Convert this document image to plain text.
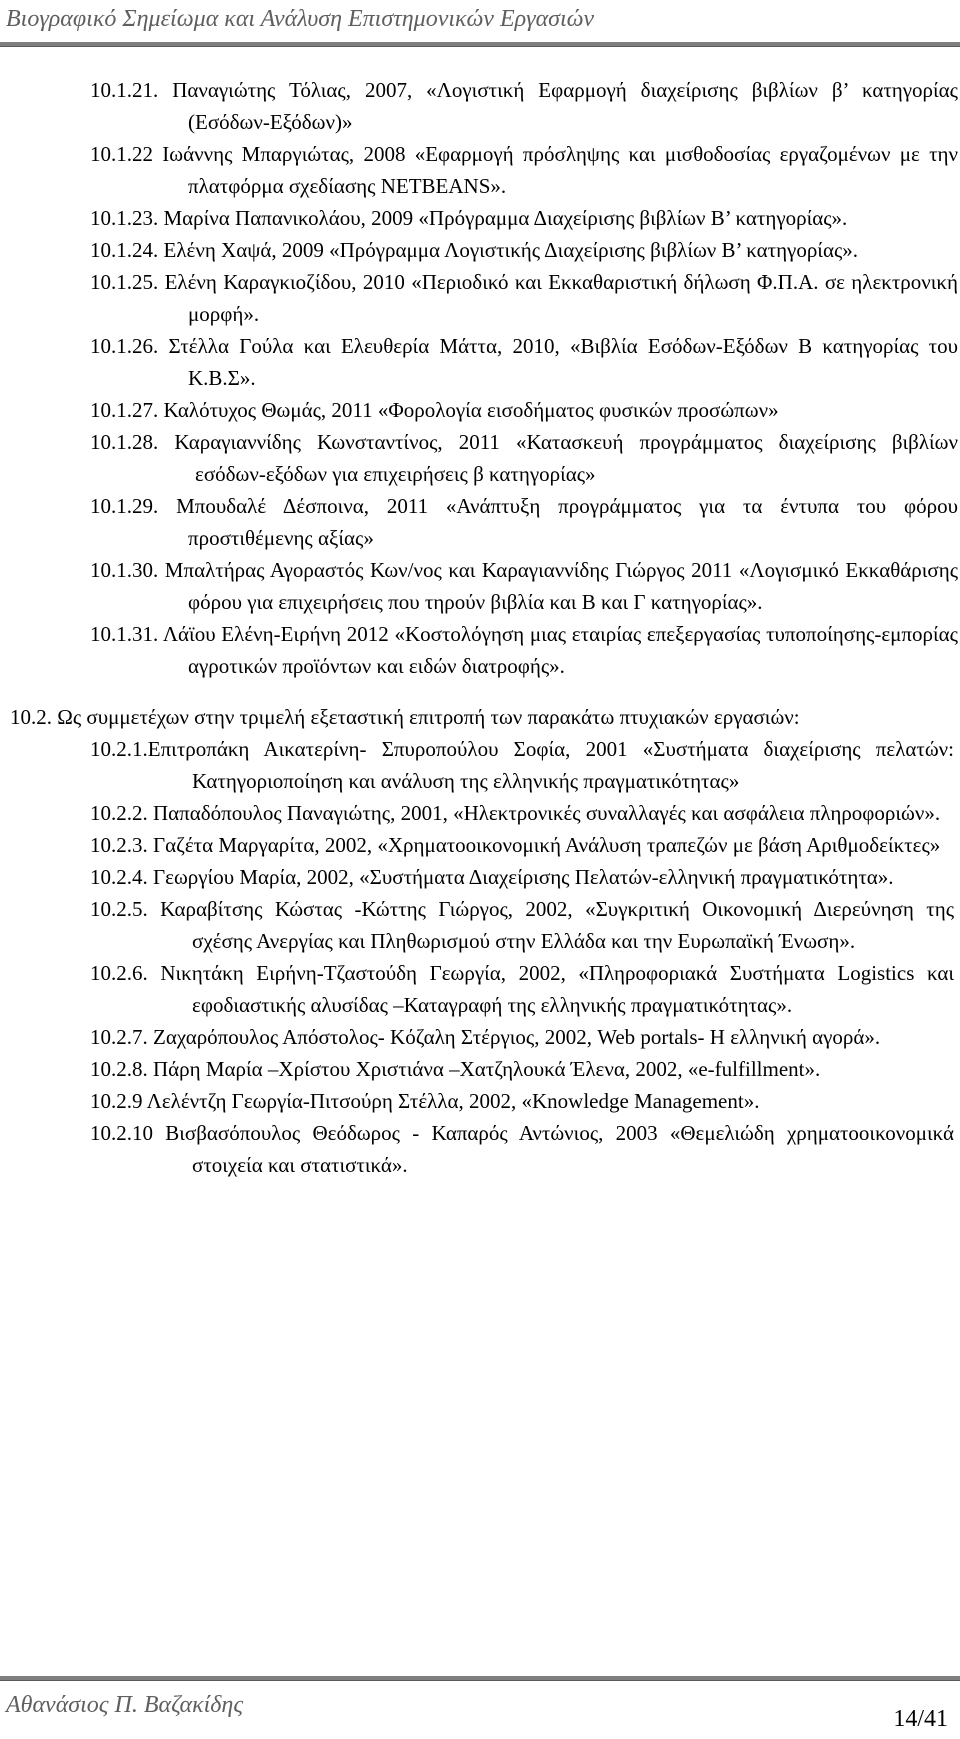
Βιογραφικό Σημείωμα και Ανάλυση Επιστημονικών Εργασιών
10.1.21. Παναγιώτης Τόλιας, 2007, «Λογιστική Εφαρμογή διαχείρισης βιβλίων β’ κατηγορίας (Εσόδων-Εξόδων)»
10.1.22 Ιωάννης Μπαργιώτας, 2008 «Εφαρμογή πρόσληψης και μισθοδοσίας εργαζομένων με την πλατφόρμα σχεδίασης NETBEANS».
10.1.23. Μαρίνα Παπανικολάου, 2009 «Πρόγραμμα Διαχείρισης βιβλίων Β’ κατηγορίας».
10.1.24. Ελένη Χαψά, 2009 «Πρόγραμμα Λογιστικής Διαχείρισης βιβλίων Β’ κατηγορίας».
10.1.25. Ελένη Καραγκιοζίδου, 2010 «Περιοδικό και Εκκαθαριστική δήλωση Φ.Π.Α. σε ηλεκτρονική μορφή».
10.1.26. Στέλλα Γούλα και Ελευθερία Μάττα, 2010, «Βιβλία Εσόδων-Εξόδων Β κατηγορίας του Κ.Β.Σ».
10.1.27. Καλότυχος Θωμάς, 2011 «Φορολογία εισοδήματος φυσικών προσώπων»
10.1.28. Καραγιαννίδης Κωνσταντίνος, 2011 «Κατασκευή προγράμματος διαχείρισης βιβλίων εσόδων-εξόδων για επιχειρήσεις β κατηγορίας»
10.1.29. Μπουδαλέ Δέσποινα, 2011 «Ανάπτυξη προγράμματος για τα έντυπα του φόρου προστιθέμενης αξίας»
10.1.30. Μπαλτήρας Αγοραστός Κων/νος και Καραγιαννίδης Γιώργος 2011 «Λογισμικό Εκκαθάρισης φόρου για επιχειρήσεις που τηρούν βιβλία και Β και Γ κατηγορίας».
10.1.31. Λάϊου Ελένη-Ειρήνη 2012 «Κοστολόγηση μιας εταιρίας επεξεργασίας τυποποίησης-εμπορίας αγροτικών προϊόντων και ειδών διατροφής».
10.2. Ως συμμετέχων στην τριμελή εξεταστική επιτροπή των παρακάτω πτυχιακών εργασιών:
10.2.1.Επιτροπάκη Αικατερίνη- Σπυροπούλου Σοφία, 2001 «Συστήματα διαχείρισης πελατών: Κατηγοριοποίηση και ανάλυση της ελληνικής πραγματικότητας»
10.2.2. Παπαδόπουλος Παναγιώτης, 2001, «Ηλεκτρονικές συναλλαγές και ασφάλεια πληροφοριών».
10.2.3. Γαζέτα Μαργαρίτα, 2002, «Χρηματοοικονομική Ανάλυση τραπεζών με βάση Αριθμοδείκτες»
10.2.4. Γεωργίου Μαρία, 2002, «Συστήματα Διαχείρισης Πελατών-ελληνική πραγματικότητα».
10.2.5. Καραβίτσης Κώστας -Κώττης Γιώργος, 2002, «Συγκριτική Οικονομική Διερεύνηση της σχέσης Ανεργίας και Πληθωρισμού στην Ελλάδα και την Ευρωπαϊκή Ένωση».
10.2.6. Νικητάκη Ειρήνη-Τζαστούδη Γεωργία, 2002, «Πληροφοριακά Συστήματα Logistics και εφοδιαστικής αλυσίδας –Καταγραφή της ελληνικής πραγματικότητας».
10.2.7. Ζαχαρόπουλος Απόστολος- Κόζαλη Στέργιος, 2002, Web portals- Η ελληνική αγορά».
10.2.8. Πάρη Μαρία –Χρίστου Χριστιάνα –Χατζηλουκά Έλενα, 2002, «e-fulfillment».
10.2.9 Λελέντζη Γεωργία-Πιτσούρη Στέλλα, 2002, «Knowledge Management».
10.2.10 Βισβασόπουλος Θεόδωρος - Καπαρός Αντώνιος, 2003 «Θεμελιώδη χρηματοοικονομικά στοιχεία και στατιστικά».
Αθανάσιος Π. Βαζακίδης
14/41
